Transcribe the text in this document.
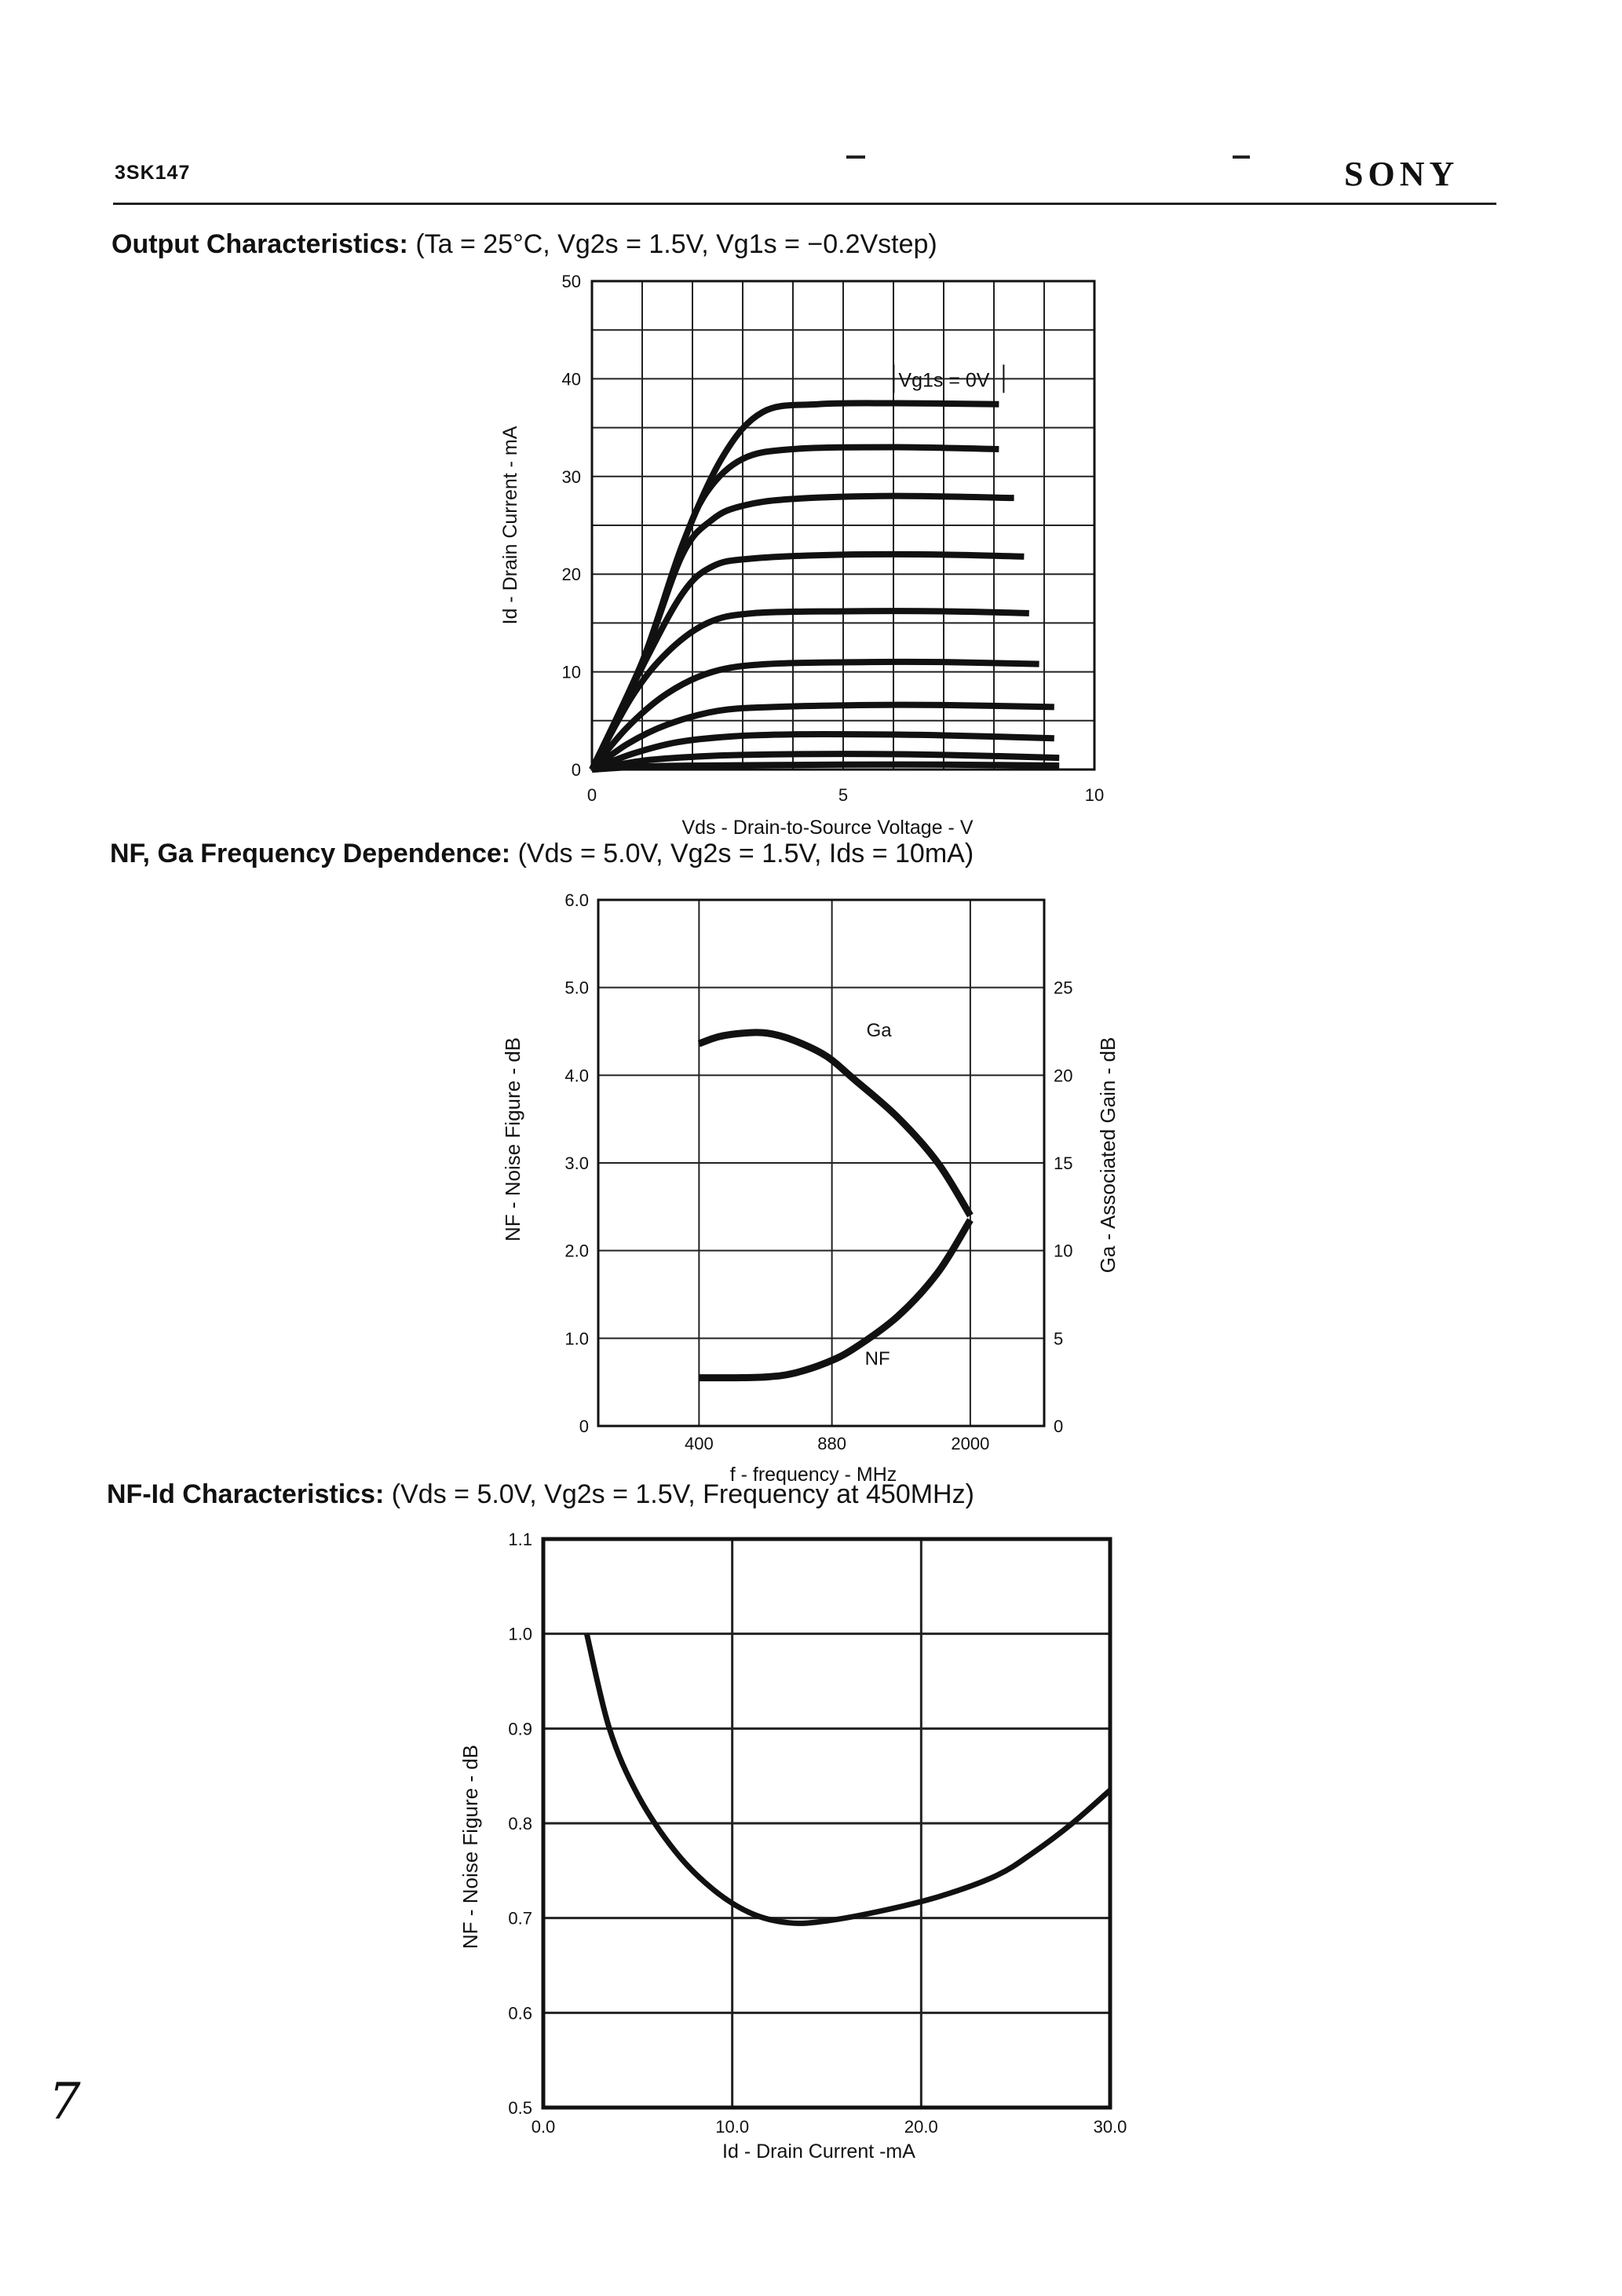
3SK147	SONY
Output Characteristics: (Ta = 25°C, Vg2s = 1.5V, Vg1s = −0.2Vstep)
NF, Ga Frequency Dependence: (Vds = 5.0V, Vg2s = 1.5V, Ids = 10mA)
NF-Id Characteristics: (Vds = 5.0V, Vg2s = 1.5V, Frequency at 450MHz)
0
10
20
30
40
50
0	5	10
Vds - Drain-to-Source Voltage - V
Id - Drain Current - mA
Vg1s = 0V
0
1.0
2.0
3.0
4.0
5.0
6.0
0
5
10
15
20
25
400	880	2000
f - frequency - MHz
NF - Noise Figure - dB	Ga - Associated Gain - dB
Ga
NF
0.5
0.6
0.7
0.8
0.9
1.0
1.1
0.0	10.0	20.0	30.0
Id - Drain Current -mA
NF - Noise Figure - dB
7
